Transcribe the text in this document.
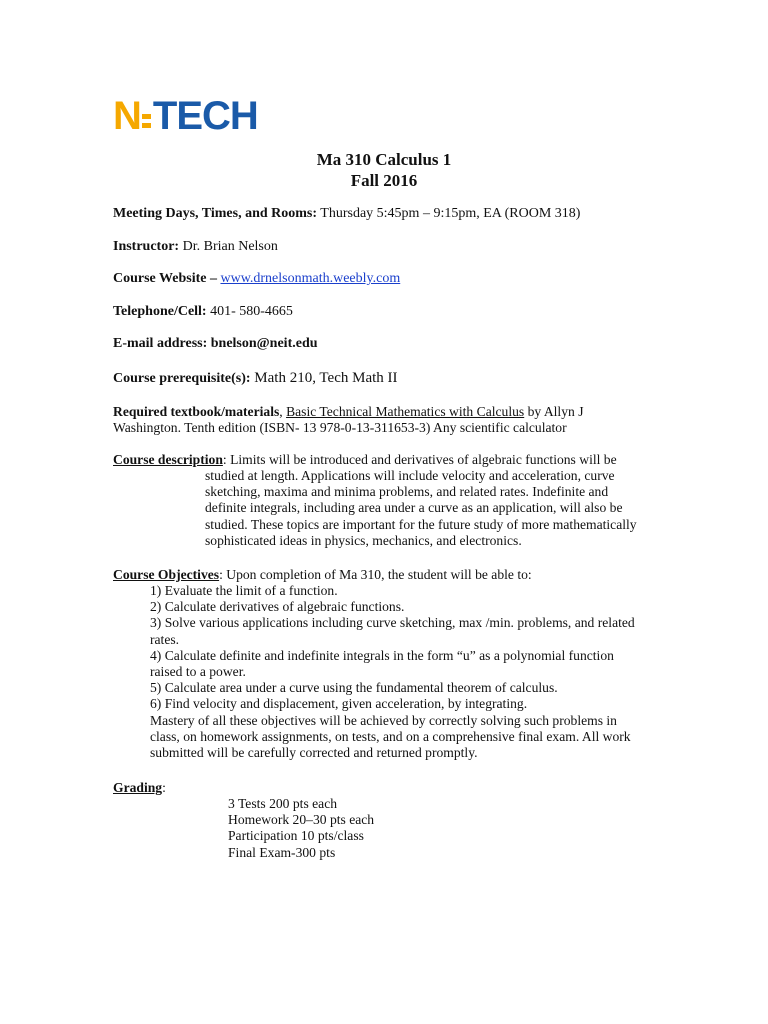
N TECH
Ma 310 Calculus 1
Fall 2016
Meeting Days, Times, and Rooms: Thursday 5:45pm – 9:15pm, EA (ROOM 318)
Instructor: Dr. Brian Nelson
Course Website – www.drnelsonmath.weebly.com
Telephone/Cell: 401- 580-4665
E-mail address: bnelson@neit.edu
Course prerequisite(s): Math 210, Tech Math II
Required textbook/materials, Basic Technical Mathematics with Calculus by Allyn J
Washington. Tenth edition (ISBN- 13 978-0-13-311653-3) Any scientific calculator
Course description: Limits will be introduced and derivatives of algebraic functions will be
studied at length. Applications will include velocity and acceleration, curve
sketching, maxima and minima problems, and related rates. Indefinite and
definite integrals, including area under a curve as an application, will also be
studied. These topics are important for the future study of more mathematically
sophisticated ideas in physics, mechanics, and electronics.
Course Objectives: Upon completion of Ma 310, the student will be able to:
1) Evaluate the limit of a function.
2) Calculate derivatives of algebraic functions.
3) Solve various applications including curve sketching, max /min. problems, and related
rates.
4) Calculate definite and indefinite integrals in the form “u” as a polynomial function
raised to a power.
5) Calculate area under a curve using the fundamental theorem of calculus.
6) Find velocity and displacement, given acceleration, by integrating.
Mastery of all these objectives will be achieved by correctly solving such problems in
class, on homework assignments, on tests, and on a comprehensive final exam. All work
submitted will be carefully corrected and returned promptly.
Grading:
3 Tests 200 pts each
Homework 20–30 pts each
Participation 10 pts/class
Final Exam-300 pts
